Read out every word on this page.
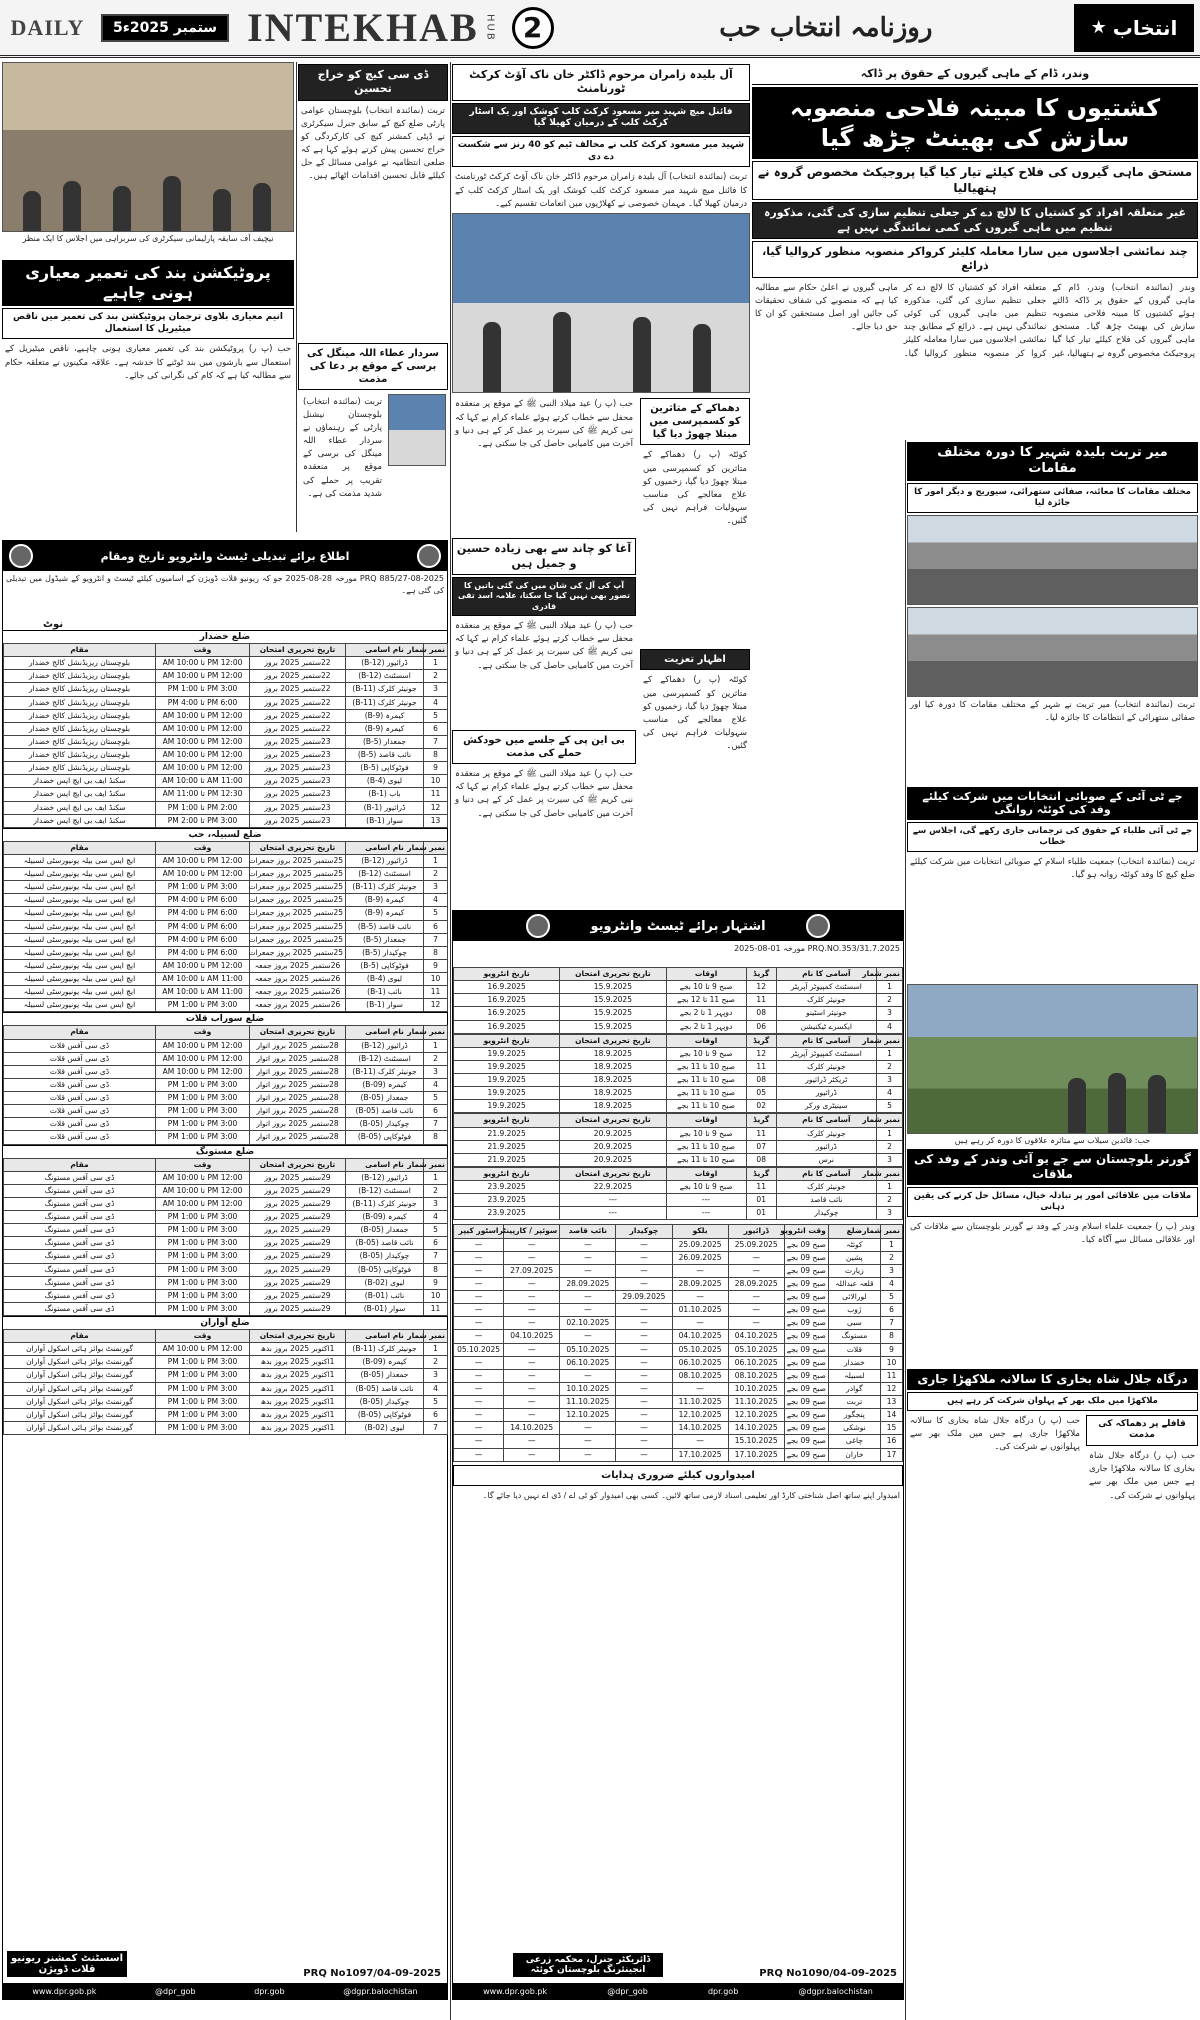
DAILY	5ستمبر 2025ء INTEKHAB HUB 2	روزنامہ انتخاب حب	★ انتخاب
نیچیف آف سابقہ پارلیمانی سیکرٹری کی سربراہی میں اجلاس کا ایک منظر
پروٹیکشن بند کی تعمیر معیاری ہونی چاہیے
انیم معیاری بلاوی ترجمان پروٹیکشن بند کی تعمیر میں ناقص میٹیریل کا استعمال
حب (پ ر) پروٹیکشن بند کی تعمیر معیاری ہونی چاہیے، ناقص میٹیریل کے استعمال سے بارشوں میں بند ٹوٹنے کا خدشہ ہے۔ علاقہ مکینوں نے متعلقہ حکام سے مطالبہ کیا ہے کہ کام کی نگرانی کی جائے۔
ڈی سی کیچ کو خراج تحسین
تربت (نمائندہ انتخاب) بلوچستان عوامی پارٹی ضلع کیچ کے سابق جنرل سیکرٹری نے ڈپٹی کمشنر کیچ کی کارکردگی کو خراج تحسین پیش کرتے ہوئے کہا ہے کہ ضلعی انتظامیہ نے عوامی مسائل کے حل کیلئے قابل تحسین اقدامات اٹھائے ہیں۔
سردار عطاء اللہ مینگل کی برسی کے موقع پر دعا کی مذمت
تربت (نمائندہ انتخاب) بلوچستان نیشنل پارٹی کے رہنماؤں نے سردار عطاء اللہ مینگل کی برسی کے موقع پر منعقدہ تقریب پر حملے کی شدید مذمت کی ہے۔
آل بلیدہ زامران مرحوم ڈاکٹر خان ناک آؤٹ کرکٹ ٹورنامنٹ
فائنل میچ شہید میر مسعود کرکٹ کلب کوشک اور یک اسٹار کرکٹ کلب کے درمیان کھیلا گیا
شہید میر مسعود کرکٹ کلب نے مخالف ٹیم کو 40 رنز سے شکست دے دی
تربت (نمائندہ انتخاب) آل بلیدہ زامران مرحوم ڈاکٹر خان ناک آؤٹ کرکٹ ٹورنامنٹ کا فائنل میچ شہید میر مسعود کرکٹ کلب کوشک اور یک اسٹار کرکٹ کلب کے درمیان کھیلا گیا۔ مہمان خصوصی نے کھلاڑیوں میں انعامات تقسیم کیے۔
حب (پ ر) عید میلاد النبی ﷺ کے موقع پر منعقدہ محفل سے خطاب کرتے ہوئے علماء کرام نے کہا کہ نبی کریم ﷺ کی سیرت پر عمل کر کے ہی دنیا و آخرت میں کامیابی حاصل کی جا سکتی ہے۔
آغا کو چاند سے بھی زیادہ حسین و جمیل ہیں
آپ کی آل کی شان میں کی گئی باتیں کا تصور بھی نہیں کیا جا سکتا، علامہ اسد تقی قادری
حب (پ ر) عید میلاد النبی ﷺ کے موقع پر منعقدہ محفل سے خطاب کرتے ہوئے علماء کرام نے کہا کہ نبی کریم ﷺ کی سیرت پر عمل کر کے ہی دنیا و آخرت میں کامیابی حاصل کی جا سکتی ہے۔
بی این پی کے جلسے میں خودکش حملے کی مذمت
حب (پ ر) عید میلاد النبی ﷺ کے موقع پر منعقدہ محفل سے خطاب کرتے ہوئے علماء کرام نے کہا کہ نبی کریم ﷺ کی سیرت پر عمل کر کے ہی دنیا و آخرت میں کامیابی حاصل کی جا سکتی ہے۔
دھماکے کے متاثرین کو کسمپرسی میں مبتلا چھوڑ دیا گیا
کوئٹہ (پ ر) دھماکے کے متاثرین کو کسمپرسی میں مبتلا چھوڑ دیا گیا، زخمیوں کو علاج معالجے کی مناسب سہولیات فراہم نہیں کی گئیں۔
اظہار تعزیت
کوئٹہ (پ ر) دھماکے کے متاثرین کو کسمپرسی میں مبتلا چھوڑ دیا گیا، زخمیوں کو علاج معالجے کی مناسب سہولیات فراہم نہیں کی گئیں۔
وندر، ڈام کے ماہی گیروں کے حقوق پر ڈاکہ
کشتیوں کا مبینہ فلاحی منصوبہ سازش کی بھینٹ چڑھ گیا
مستحق ماہی گیروں کی فلاح کیلئے تیار کیا گیا پروجیکٹ مخصوص گروہ نے ہتھیالیا
غیر متعلقہ افراد کو کشتیاں کا لالچ دے کر جعلی تنظیم سازی کی گئی، مذکورہ تنظیم میں ماہی گیروں کی کمی نمائندگی نہیں ہے
چند نمائشی اجلاسوں میں سارا معاملہ کلیئر کرواکر منصوبہ منظور کروالیا گیا، ذرائع
وندر (نمائندہ انتخاب) وندر، ڈام کے ماہی گیروں کے حقوق پر ڈاکہ ڈالتے ہوئے کشتیوں کا مبینہ فلاحی منصوبہ سازش کی بھینٹ چڑھ گیا۔ مستحق ماہی گیروں کی فلاح کیلئے تیار کیا گیا پروجیکٹ مخصوص گروہ نے ہتھیالیا، غیر متعلقہ افراد کو کشتیاں کا لالچ دے کر جعلی تنظیم سازی کی گئی، مذکورہ تنظیم میں ماہی گیروں کی کوئی نمائندگی نہیں ہے۔ ذرائع کے مطابق چند نمائشی اجلاسوں میں سارا معاملہ کلیئر کروا کر منصوبہ منظور کروالیا گیا۔ ماہی گیروں نے اعلیٰ حکام سے مطالبہ کیا ہے کہ منصوبے کی شفاف تحقیقات کی جائیں اور اصل مستحقین کو ان کا حق دیا جائے۔
میر تربت بلیدہ شہیر کا دورہ مختلف مقامات
مختلف مقامات کا معائنہ، صفائی ستھرائی، سیوریج و دیگر امور کا جائزہ لیا
تربت (نمائندہ انتخاب) میر تربت نے شہر کے مختلف مقامات کا دورہ کیا اور صفائی ستھرائی کے انتظامات کا جائزہ لیا۔
جے ٹی آئی کے صوبائی انتخابات میں شرکت کیلئے وفد کی کوئٹہ روانگی
جے ٹی آئی طلباء کے حقوق کی ترجمانی جاری رکھے گی، اجلاس سے خطاب
تربت (نمائندہ انتخاب) جمعیت طلباء اسلام کے صوبائی انتخابات میں شرکت کیلئے ضلع کیچ کا وفد کوئٹہ روانہ ہو گیا۔
حب: قائدین سیلاب سے متاثرہ علاقوں کا دورہ کر رہے ہیں
گورنر بلوچستان سے جے یو آئی وندر کے وفد کی ملاقات
ملاقات میں علاقائی امور پر تبادلہ خیال، مسائل حل کرنے کی یقین دہانی
وندر (پ ر) جمعیت علماء اسلام وندر کے وفد نے گورنر بلوچستان سے ملاقات کی اور علاقائی مسائل سے آگاہ کیا۔
درگاہ جلال شاہ بخاری کا سالانہ ملاکھڑا جاری
ملاکھڑا میں ملک بھر کے پہلوان شرکت کر رہے ہیں
حب (پ ر) درگاہ جلال شاہ بخاری کا سالانہ ملاکھڑا جاری ہے جس میں ملک بھر سے پہلوانوں نے شرکت کی۔
قافلے پر دھماکہ کی مذمت
حب (پ ر) درگاہ جلال شاہ بخاری کا سالانہ ملاکھڑا جاری ہے جس میں ملک بھر سے پہلوانوں نے شرکت کی۔
اطلاع برائے تبدیلی ٹیسٹ وانٹرویو تاریخ ومقام
PRQ 885/27-08-2025 مورخہ 28-08-2025 جو کہ ریونیو قلات ڈویژن کے اسامیوں کیلئے ٹیسٹ و انٹرویو کے شیڈول میں تبدیلی کی گئی ہے۔
نوٹ
ضلع خضدار
نمبر شمار	نام اسامی	تاریخ تحریری امتحان	وقت	مقام
1	ڈرائیور (B-12)	22ستمبر 2025 بروز	12:00 PM تا 10:00 AM	بلوچستان ریزیڈنشل کالج خضدار
2	اسسٹنٹ (B-12)	22ستمبر 2025 بروز	12:00 PM تا 10:00 AM	بلوچستان ریزیڈنشل کالج خضدار
3	جونیئر کلرک (B-11)	22ستمبر 2025 بروز	3:00 PM تا 1:00 PM	بلوچستان ریزیڈنشل کالج خضدار
4	جونیئر کلرک (B-11)	22ستمبر 2025 بروز	6:00 PM تا 4:00 PM	بلوچستان ریزیڈنشل کالج خضدار
5	کیمرہ (B-9)	22ستمبر 2025 بروز	12:00 PM تا 10:00 AM	بلوچستان ریزیڈنشل کالج خضدار
6	کیمرہ (B-9)	22ستمبر 2025 بروز	12:00 PM تا 10:00 AM	بلوچستان ریزیڈنشل کالج خضدار
7	جمعدار (B-5)	23ستمبر 2025 بروز	12:00 PM تا 10:00 AM	بلوچستان ریزیڈنشل کالج خضدار
8	نائب قاصد (B-5)	23ستمبر 2025 بروز	12:00 PM تا 10:00 AM	بلوچستان ریزیڈنشل کالج خضدار
9	فوٹوکاپی (B-5)	23ستمبر 2025 بروز	12:00 PM تا 10:00 AM	بلوچستان ریزیڈنشل کالج خضدار
10	لیوی (B-4)	23ستمبر 2025 بروز	11:00 AM تا 10:00 AM	سکنڈ ایف بی ایچ ایس خضدار
11	باب (B-1)	23ستمبر 2025 بروز	12:30 PM تا 11:00 AM	سکنڈ ایف بی ایچ ایس خضدار
12	ڈرائیور (B-1)	23ستمبر 2025 بروز	2:00 PM تا 1:00 PM	سکنڈ ایف بی ایچ ایس خضدار
13	سوار (B-1)	23ستمبر 2025 بروز	3:00 PM تا 2:00 PM	سکنڈ ایف بی ایچ ایس خضدار
ضلع لسبیلہ، حب
نمبر شمار	نام اسامی	تاریخ تحریری امتحان	وقت	مقام
1	ڈرائیور (B-12)	25ستمبر 2025 بروز جمعرات	12:00 PM تا 10:00 AM	ایچ ایس سی بیلہ یونیورسٹی لسبیلہ
2	اسسٹنٹ (B-12)	25ستمبر 2025 بروز جمعرات	12:00 PM تا 10:00 AM	ایچ ایس سی بیلہ یونیورسٹی لسبیلہ
3	جونیئر کلرک (B-11)	25ستمبر 2025 بروز جمعرات	3:00 PM تا 1:00 PM	ایچ ایس سی بیلہ یونیورسٹی لسبیلہ
4	کیمرہ (B-9)	25ستمبر 2025 بروز جمعرات	6:00 PM تا 4:00 PM	ایچ ایس سی بیلہ یونیورسٹی لسبیلہ
5	کیمرہ (B-9)	25ستمبر 2025 بروز جمعرات	6:00 PM تا 4:00 PM	ایچ ایس سی بیلہ یونیورسٹی لسبیلہ
6	نائب قاصد (B-5)	25ستمبر 2025 بروز جمعرات	6:00 PM تا 4:00 PM	ایچ ایس سی بیلہ یونیورسٹی لسبیلہ
7	جمعدار (B-5)	25ستمبر 2025 بروز جمعرات	6:00 PM تا 4:00 PM	ایچ ایس سی بیلہ یونیورسٹی لسبیلہ
8	چوکیدار (B-5)	25ستمبر 2025 بروز جمعرات	6:00 PM تا 4:00 PM	ایچ ایس سی بیلہ یونیورسٹی لسبیلہ
9	فوٹوکاپی (B-5)	26ستمبر 2025 بروز جمعہ	12:00 PM تا 10:00 AM	ایچ ایس سی بیلہ یونیورسٹی لسبیلہ
10	لیوی (B-4)	26ستمبر 2025 بروز جمعہ	11:00 AM تا 10:00 AM	ایچ ایس سی بیلہ یونیورسٹی لسبیلہ
11	نائب (B-1)	26ستمبر 2025 بروز جمعہ	11:00 AM تا 10:00 AM	ایچ ایس سی بیلہ یونیورسٹی لسبیلہ
12	سوار (B-1)	26ستمبر 2025 بروز جمعہ	3:00 PM تا 1:00 PM	ایچ ایس سی بیلہ یونیورسٹی لسبیلہ
ضلع سوراب قلات
نمبر شمار	نام اسامی	تاریخ تحریری امتحان	وقت	مقام
1	ڈرائیور (B-12)	28ستمبر 2025 بروز اتوار	12:00 PM تا 10:00 AM	ڈی سی آفس قلات
2	اسسٹنٹ (B-12)	28ستمبر 2025 بروز اتوار	12:00 PM تا 10:00 AM	ڈی سی آفس قلات
3	جونیئر کلرک (B-11)	28ستمبر 2025 بروز اتوار	12:00 PM تا 10:00 AM	ڈی سی آفس قلات
4	کیمرہ (B-09)	28ستمبر 2025 بروز اتوار	3:00 PM تا 1:00 PM	ڈی سی آفس قلات
5	جمعدار (B-05)	28ستمبر 2025 بروز اتوار	3:00 PM تا 1:00 PM	ڈی سی آفس قلات
6	نائب قاصد (B-05)	28ستمبر 2025 بروز اتوار	3:00 PM تا 1:00 PM	ڈی سی آفس قلات
7	چوکیدار (B-05)	28ستمبر 2025 بروز اتوار	3:00 PM تا 1:00 PM	ڈی سی آفس قلات
8	فوٹوکاپی (B-05)	28ستمبر 2025 بروز اتوار	3:00 PM تا 1:00 PM	ڈی سی آفس قلات
ضلع مستونگ
نمبر شمار	نام اسامی	تاریخ تحریری امتحان	وقت	مقام
1	ڈرائیور (B-12)	29ستمبر 2025 بروز	12:00 PM تا 10:00 AM	ڈی سی آفس مستونگ
2	اسسٹنٹ (B-12)	29ستمبر 2025 بروز	12:00 PM تا 10:00 AM	ڈی سی آفس مستونگ
3	جونیئر کلرک (B-11)	29ستمبر 2025 بروز	12:00 PM تا 10:00 AM	ڈی سی آفس مستونگ
4	کیمرہ (B-09)	29ستمبر 2025 بروز	3:00 PM تا 1:00 PM	ڈی سی آفس مستونگ
5	جمعدار (B-05)	29ستمبر 2025 بروز	3:00 PM تا 1:00 PM	ڈی سی آفس مستونگ
6	نائب قاصد (B-05)	29ستمبر 2025 بروز	3:00 PM تا 1:00 PM	ڈی سی آفس مستونگ
7	چوکیدار (B-05)	29ستمبر 2025 بروز	3:00 PM تا 1:00 PM	ڈی سی آفس مستونگ
8	فوٹوکاپی (B-05)	29ستمبر 2025 بروز	3:00 PM تا 1:00 PM	ڈی سی آفس مستونگ
9	لیوی (B-02)	29ستمبر 2025 بروز	3:00 PM تا 1:00 PM	ڈی سی آفس مستونگ
10	نائب (B-01)	29ستمبر 2025 بروز	3:00 PM تا 1:00 PM	ڈی سی آفس مستونگ
11	سوار (B-01)	29ستمبر 2025 بروز	3:00 PM تا 1:00 PM	ڈی سی آفس مستونگ
ضلع آواران
نمبر شمار	نام اسامی	تاریخ تحریری امتحان	وقت	مقام
1	جونیئر کلرک (B-11)	1اکتوبر 2025 بروز بدھ	12:00 PM تا 10:00 AM	گورنمنٹ بوائز ہائی اسکول آواران
2	کیمرہ (B-09)	1اکتوبر 2025 بروز بدھ	3:00 PM تا 1:00 PM	گورنمنٹ بوائز ہائی اسکول آواران
3	جمعدار (B-05)	1اکتوبر 2025 بروز بدھ	3:00 PM تا 1:00 PM	گورنمنٹ بوائز ہائی اسکول آواران
4	نائب قاصد (B-05)	1اکتوبر 2025 بروز بدھ	3:00 PM تا 1:00 PM	گورنمنٹ بوائز ہائی اسکول آواران
5	چوکیدار (B-05)	1اکتوبر 2025 بروز بدھ	3:00 PM تا 1:00 PM	گورنمنٹ بوائز ہائی اسکول آواران
6	فوٹوکاپی (B-05)	1اکتوبر 2025 بروز بدھ	3:00 PM تا 1:00 PM	گورنمنٹ بوائز ہائی اسکول آواران
7	لیوی (B-02)	1اکتوبر 2025 بروز بدھ	3:00 PM تا 1:00 PM	گورنمنٹ بوائز ہائی اسکول آواران
اسسٹنٹ کمشنر ریونیو قلات ڈویژن	PRQ No1097/04-09-2025
www.dpr.gob.pk	@dpr_gob	dpr.gob	@dgpr.balochistan
اشتہار برائے ٹیسٹ وانٹرویو
PRQ.NO.353/31.7.2025 مورخہ 01-08-2025
نمبر شمار	آسامی کا نام	گریڈ	اوقات	تاریخ تحریری امتحان	تاریخ انٹرویو
1	اسسٹنٹ کمپیوٹر آپریٹر	12	صبح 9 تا 10 بجے	15.9.2025	16.9.2025
2	جونیئر کلرک	11	صبح 11 تا 12 بجے	15.9.2025	16.9.2025
3	جونیئر اسٹینو	08	دوپہر 1 تا 2 بجے	15.9.2025	16.9.2025
4	ایکسرے ٹیکنیشن	06	دوپہر 1 تا 2 بجے	15.9.2025	16.9.2025
نمبر شمار	آسامی کا نام	گریڈ	اوقات	تاریخ تحریری امتحان	تاریخ انٹرویو
1	اسسٹنٹ کمپیوٹر آپریٹر	12	صبح 9 تا 10 بجے	18.9.2025	19.9.2025
2	جونیئر کلرک	11	صبح 10 تا 11 بجے	18.9.2025	19.9.2025
3	ٹریکٹر ڈرائیور	08	صبح 10 تا 11 بجے	18.9.2025	19.9.2025
4	ڈرائیور	05	صبح 10 تا 11 بجے	18.9.2025	19.9.2025
5	سینیٹری ورکر	02	صبح 10 تا 11 بجے	18.9.2025	19.9.2025
نمبر شمار	آسامی کا نام	گریڈ	اوقات	تاریخ تحریری امتحان	تاریخ انٹرویو
1	جونیئر کلرک	11	صبح 9 تا 10 بجے	20.9.2025	21.9.2025
2	ڈرائیور	07	صبح 10 تا 11 بجے	20.9.2025	21.9.2025
3	نرس	08	صبح 10 تا 11 بجے	20.9.2025	21.9.2025
نمبر شمار	آسامی کا نام	گریڈ	اوقات	تاریخ تحریری امتحان	تاریخ انٹرویو
1	جونیئر کلرک	11	صبح 9 تا 10 بجے	22.9.2025	23.9.2025
2	نائب قاصد	01	---	---	23.9.2025
3	چوکیدار	01	---	---	23.9.2025
نمبر شمار	ضلع	وقت انٹرویو	ڈرائیور	بلکو	چوکیدار	نائب قاصد	سوئپر / کارپینٹر	اسٹور کیپر
1	کوئٹہ	صبح 09 بجے	25.09.2025	25.09.2025	—	—	—	—
2	پشین	صبح 09 بجے	—	26.09.2025	—	—	—	—
3	زیارت	صبح 09 بجے	—	—	—	—	27.09.2025	—
4	قلعہ عبداللہ	صبح 09 بجے	28.09.2025	28.09.2025	—	28.09.2025	—	—
5	لورالائی	صبح 09 بجے	—	—	29.09.2025	—	—	—
6	ژوب	صبح 09 بجے	—	01.10.2025	—	—	—	—
7	سبی	صبح 09 بجے	—	—	—	02.10.2025	—	—
8	مستونگ	صبح 09 بجے	04.10.2025	04.10.2025	—	—	04.10.2025	—
9	قلات	صبح 09 بجے	05.10.2025	05.10.2025	—	05.10.2025	—	05.10.2025
10	خضدار	صبح 09 بجے	06.10.2025	06.10.2025	—	06.10.2025	—	—
11	لسبیلہ	صبح 09 بجے	08.10.2025	08.10.2025	—	—	—	—
12	گوادر	صبح 09 بجے	10.10.2025	—	—	10.10.2025	—	—
13	تربت	صبح 09 بجے	11.10.2025	11.10.2025	—	11.10.2025	—	—
14	پنجگور	صبح 09 بجے	12.10.2025	12.10.2025	—	12.10.2025	—	—
15	نوشکی	صبح 09 بجے	14.10.2025	14.10.2025	—	—	14.10.2025	—
16	چاغی	صبح 09 بجے	15.10.2025	—	—	—	—	—
17	خاران	صبح 09 بجے	17.10.2025	17.10.2025	—	—	—	—
امیدواروں کیلئے ضروری ہدایات
امیدوار اپنے ساتھ اصل شناختی کارڈ اور تعلیمی اسناد لازمی ساتھ لائیں۔ کسی بھی امیدوار کو ٹی اے / ڈی اے نہیں دیا جائے گا۔
ڈائریکٹر جنرل، محکمہ زرعی انجینئرنگ بلوچستان کوئٹہ	PRQ No1090/04-09-2025
www.dpr.gob.pk	@dpr_gob	dpr.gob	@dgpr.balochistan
